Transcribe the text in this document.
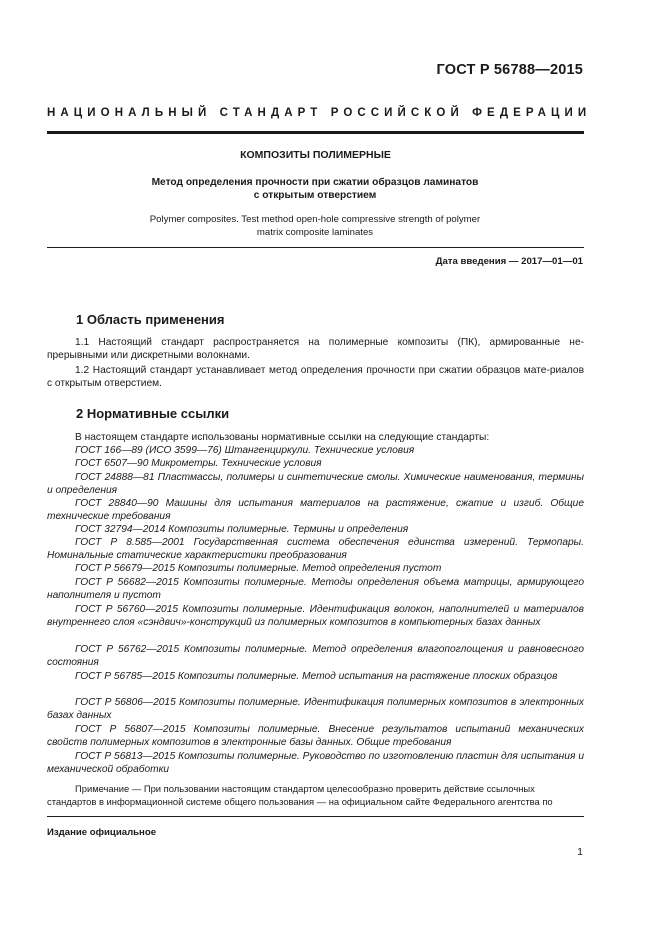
ГОСТ Р 56788—2015
НАЦИОНАЛЬНЫЙ СТАНДАРТ РОССИЙСКОЙ ФЕДЕРАЦИИ
КОМПОЗИТЫ ПОЛИМЕРНЫЕ
Метод определения прочности при сжатии образцов ламинатов
с открытым отверстием
Polymer composites. Test method open-hole compressive strength of polymer
matrix composite laminates
Дата введения — 2017—01—01
1 Область применения
1.1 Настоящий стандарт распространяется на полимерные композиты (ПК), армированные не-прерывными или дискретными волокнами.
1.2 Настоящий стандарт устанавливает метод определения прочности при сжатии образцов мате-риалов с открытым отверстием.
2 Нормативные ссылки
В настоящем стандарте использованы нормативные ссылки на следующие стандарты:
ГОСТ 166—89 (ИСО 3599—76) Штангенциркули. Технические условия
ГОСТ 6507—90 Микрометры. Технические условия
ГОСТ 24888—81 Пластмассы, полимеры и синтетические смолы. Химические наименования, термины и определения
ГОСТ 28840—90 Машины для испытания материалов на растяжение, сжатие и изгиб. Общие технические требования
ГОСТ 32794—2014 Композиты полимерные. Термины и определения
ГОСТ Р 8.585—2001 Государственная система обеспечения единства измерений. Термопары. Номинальные статические характеристики преобразования
ГОСТ Р 56679—2015 Композиты полимерные. Метод определения пустот
ГОСТ Р 56682—2015 Композиты полимерные. Методы определения объема матрицы, армирующего наполнителя и пустот
ГОСТ Р 56760—2015 Композиты полимерные. Идентификация волокон, наполнителей и материалов внутреннего слоя «сэндвич»-конструкций из полимерных композитов в компьютерных базах данных
ГОСТ Р 56762—2015 Композиты полимерные. Метод определения влагопоглощения и равновесного состояния
ГОСТ Р 56785—2015 Композиты полимерные. Метод испытания на растяжение плоских образцов
ГОСТ Р 56806—2015 Композиты полимерные. Идентификация полимерных композитов в электронных базах данных
ГОСТ Р 56807—2015 Композиты полимерные. Внесение результатов испытаний механических свойств полимерных композитов в электронные базы данных. Общие требования
ГОСТ Р 56813—2015 Композиты полимерные. Руководство по изготовлению пластин для испытания и механической обработки
Примечание — При пользовании настоящим стандартом целесообразно проверить действие ссылочных
стандартов в информационной системе общего пользования — на официальном сайте Федерального агентства по
Издание официальное
1
